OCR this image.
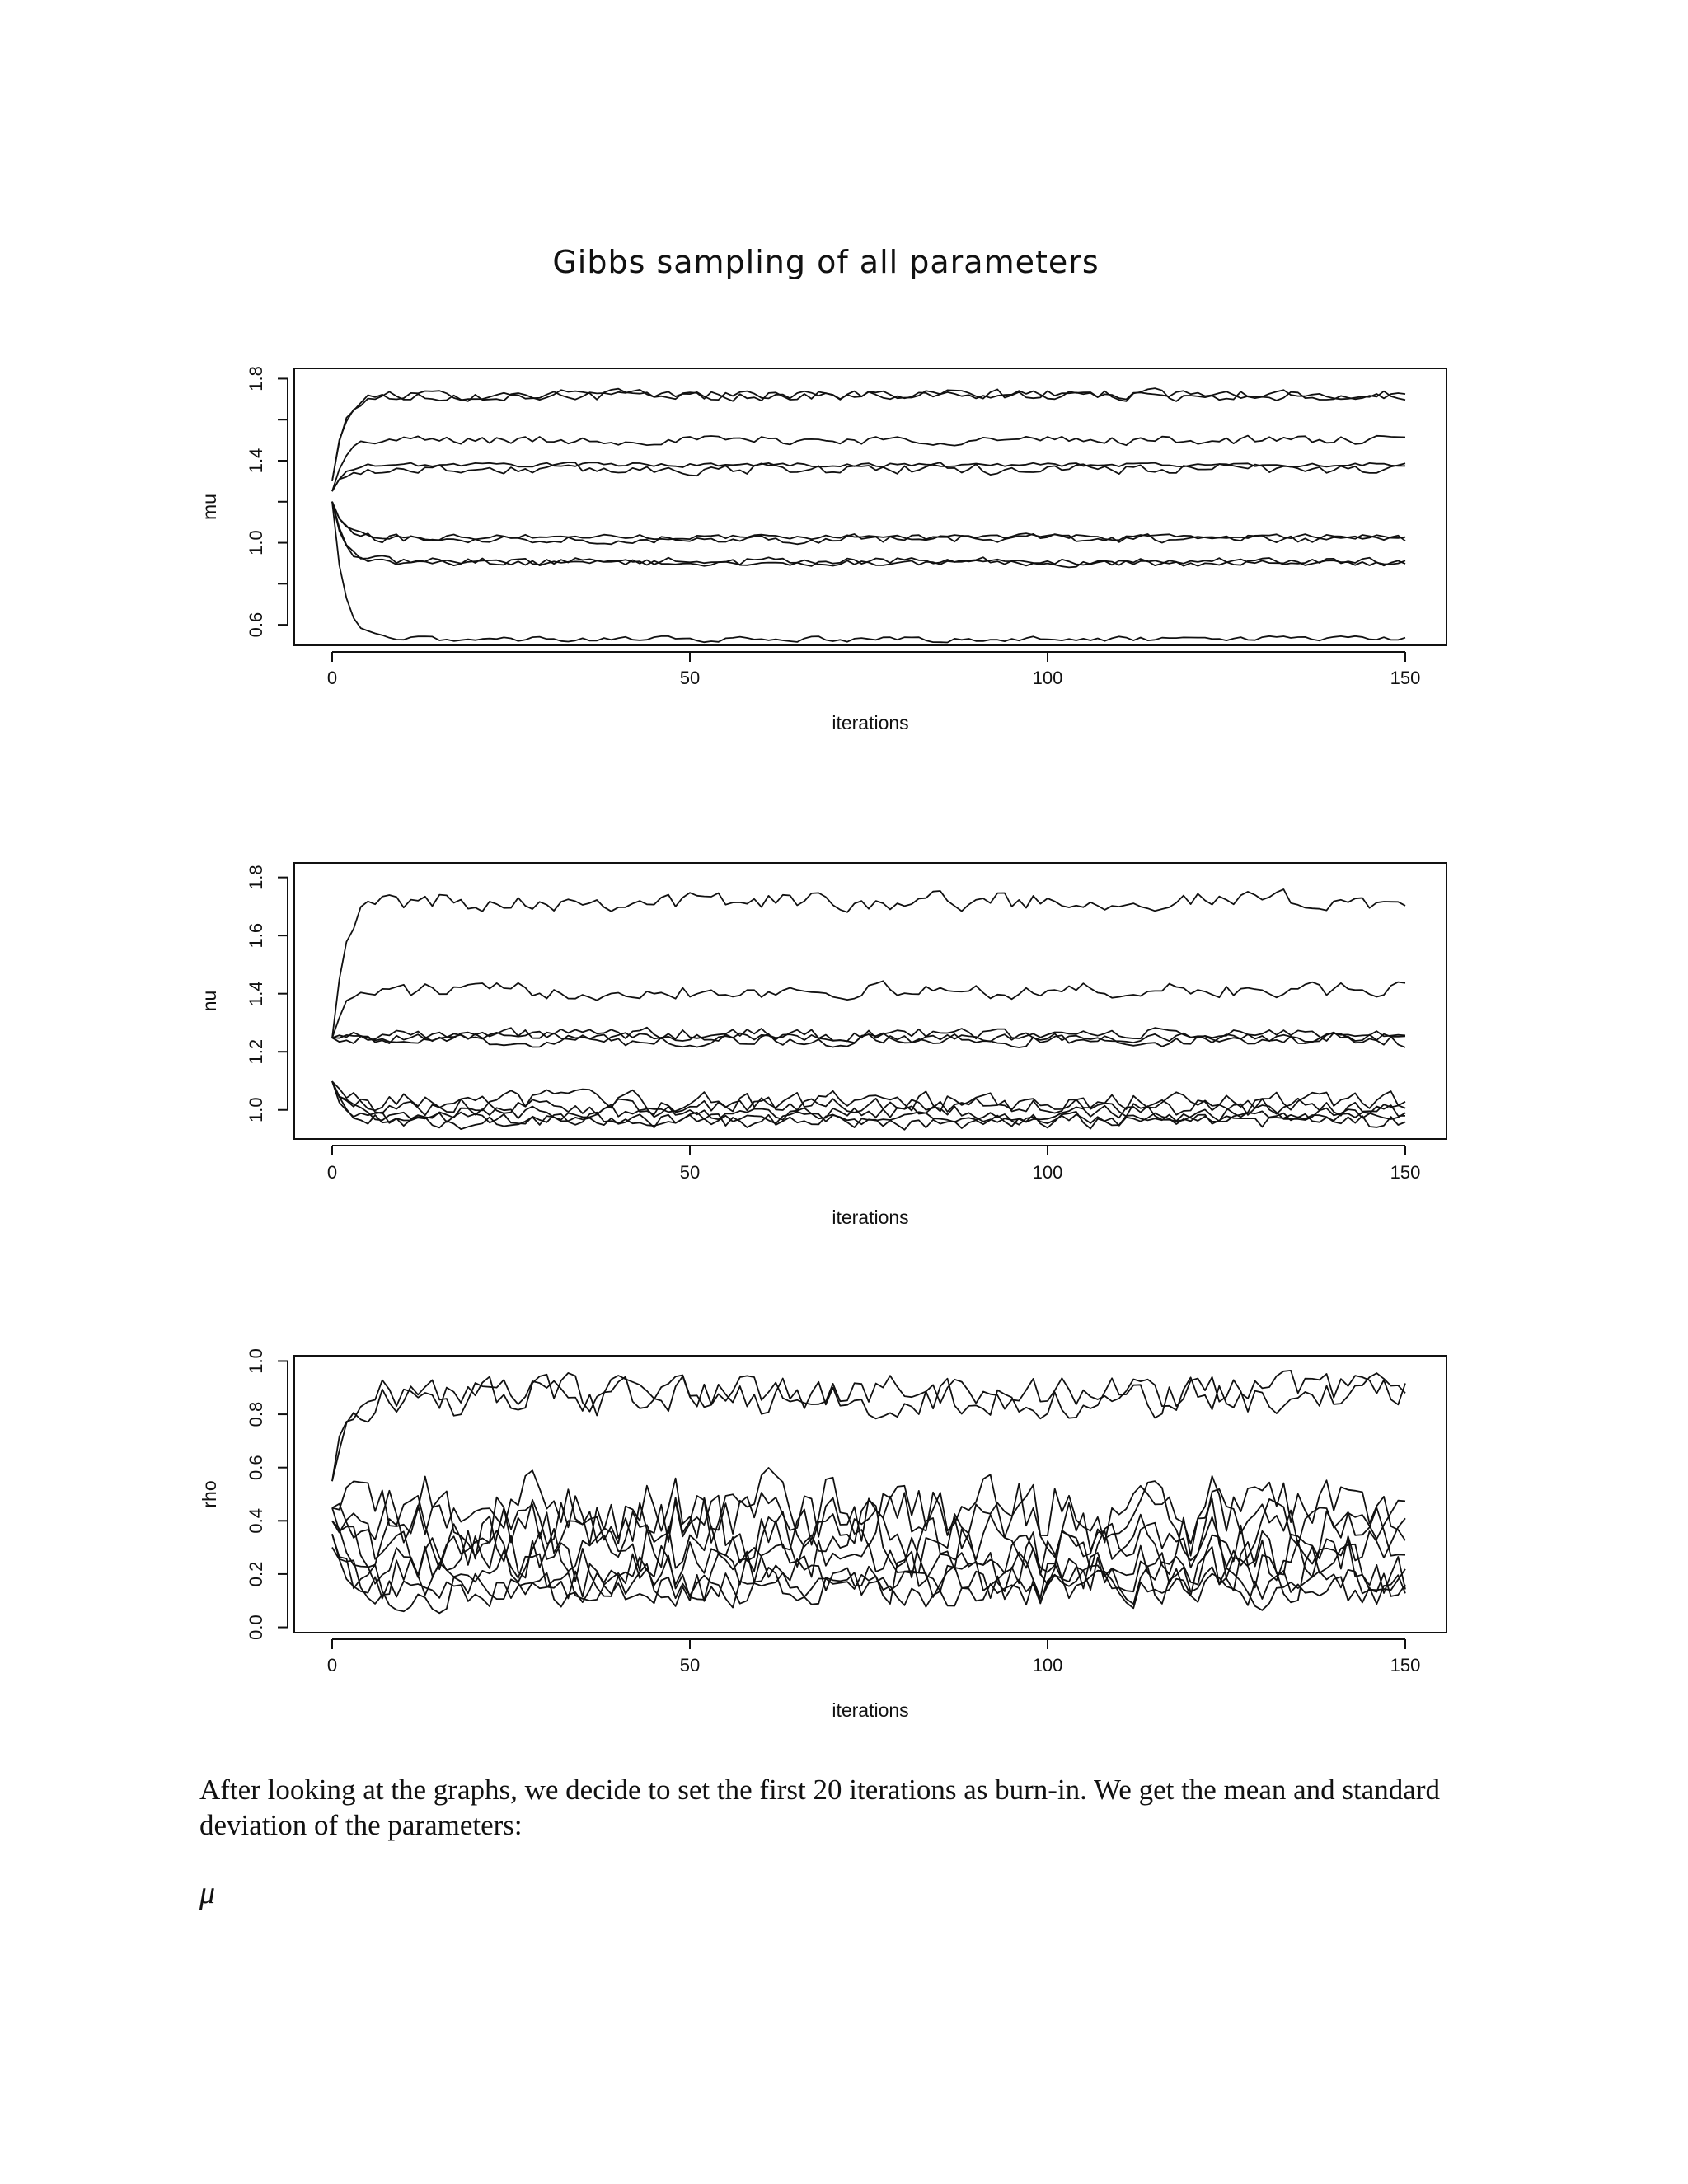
Gibbs sampling of all parameters
0	50	100	150
0.6
1.0
1.4
1.8
iterations
mu
0	50	100	150
1.0
1.2
1.4
1.6
1.8
iterations
nu
0	50	100	150
0.0
0.2
0.4
0.6
0.8
1.0
iterations
rho
After looking at the graphs, we decide to set the first 20 iterations as burn-in. We get the mean and standard deviation of the parameters:
μ
